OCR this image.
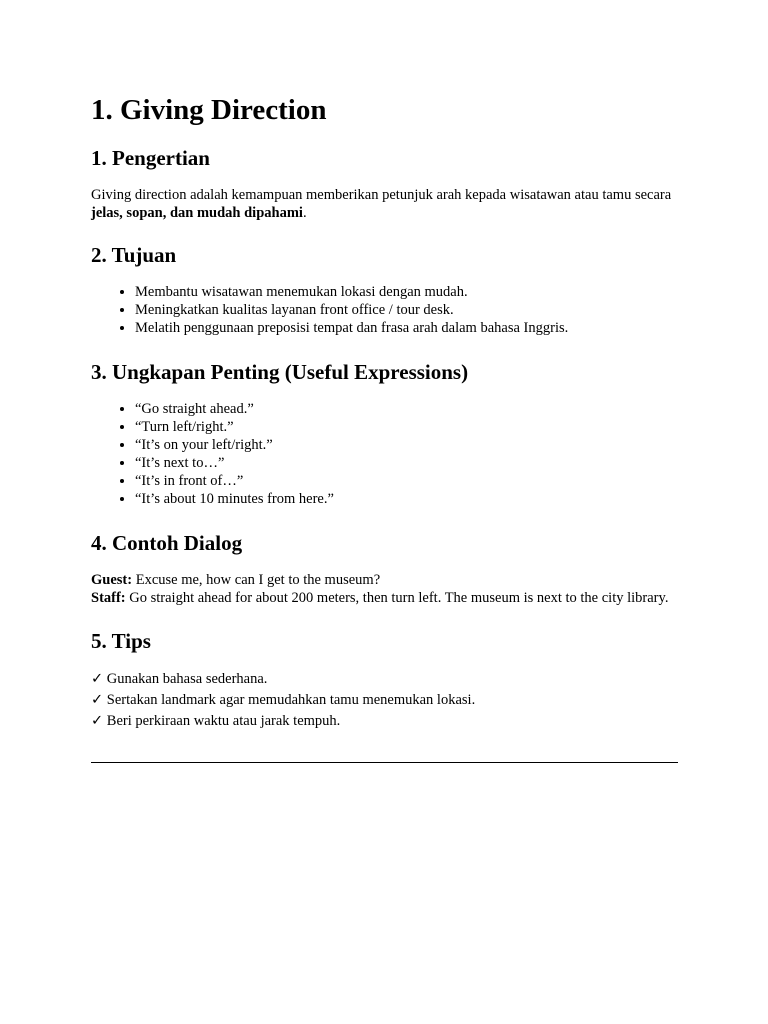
1. Giving Direction
1. Pengertian

Giving direction adalah kemampuan memberikan petunjuk arah kepada wisatawan atau tamu secara jelas, sopan, dan mudah dipahami.

2. Tujuan
• Membantu wisatawan menemukan lokasi dengan mudah.
• Meningkatkan kualitas layanan front office / tour desk.
• Melatih penggunaan preposisi tempat dan frasa arah dalam bahasa Inggris.
3. Ungkapan Penting (Useful Expressions)
• “Go straight ahead.”
• “Turn left/right.”
• “It’s on your left/right.”
• “It’s next to…”
• “It’s in front of…”
• “It’s about 10 minutes from here.”
4. Contoh Dialog
Guest: Excuse me, how can I get to the museum?
Staff: Go straight ahead for about 200 meters, then turn left. The museum is next to the city library.
5. Tips
✓ Gunakan bahasa sederhana.
✓ Sertakan landmark agar memudahkan tamu menemukan lokasi.
✓ Beri perkiraan waktu atau jarak tempuh.
